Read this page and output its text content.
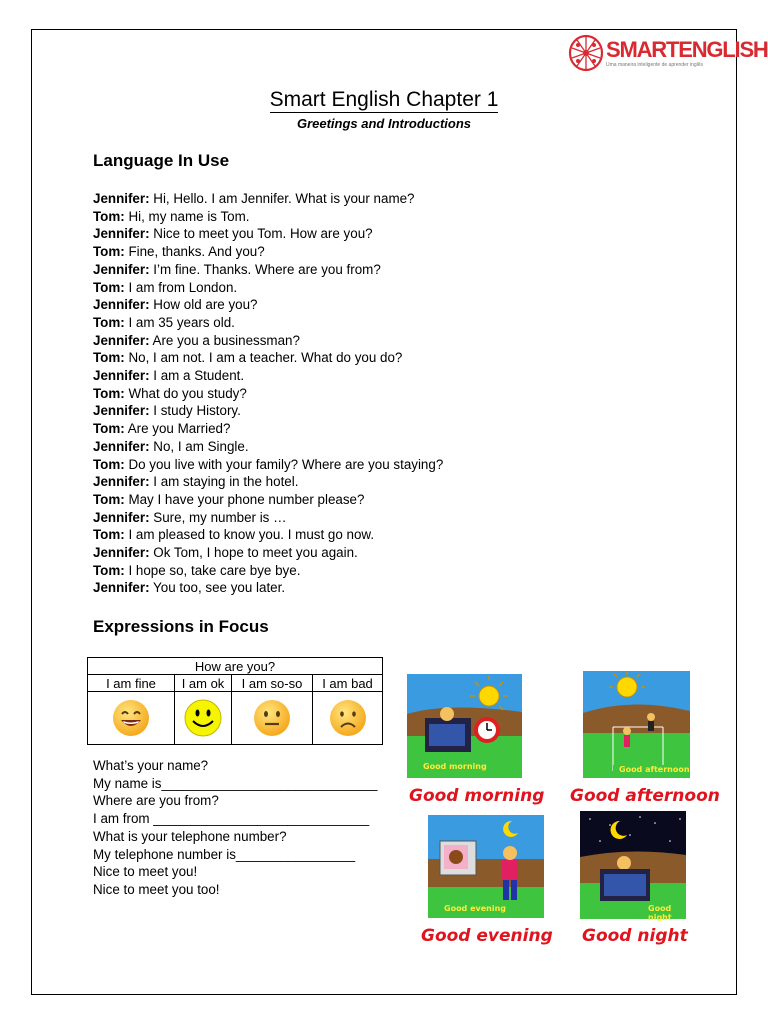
SMARTENGLISH
Uma maneira inteligente de aprender inglês
Smart English Chapter 1
Greetings and Introductions
Language In Use
Jennifer: Hi, Hello. I am Jennifer. What is your name?
Tom: Hi, my name is Tom.
Jennifer: Nice to meet you Tom. How are you?
Tom: Fine, thanks. And you?
Jennifer: I’m fine. Thanks. Where are you from?
Tom: I am from London.
Jennifer: How old are you?
Tom: I am 35 years old.
Jennifer: Are you a businessman?
Tom: No, I am not. I am a teacher. What do you do?
Jennifer: I am a Student.
Tom: What do you study?
Jennifer: I study History.
Tom: Are you Married?
Jennifer: No, I am Single.
Tom: Do you live with your family? Where are you staying?
Jennifer: I am staying in the hotel.
Tom: May I have your phone number please?
Jennifer: Sure, my number is …
Tom: I am pleased to know you. I must go now.
Jennifer: Ok Tom, I hope to meet you again.
Tom: I hope so, take care bye bye.
Jennifer: You too, see you later.
Expressions in Focus
How are you?			
I am fine	I am ok	I am so-so	I am bad

What’s your name?
My name is_____________________________
Where are you from?
I am from _____________________________
What is your telephone number?
My telephone number is________________
Nice to meet you!
Nice to meet you too!
Good morning
Good morning
Good afternoon
Good afternoon
Good evening
Good evening
Good night
Good night
